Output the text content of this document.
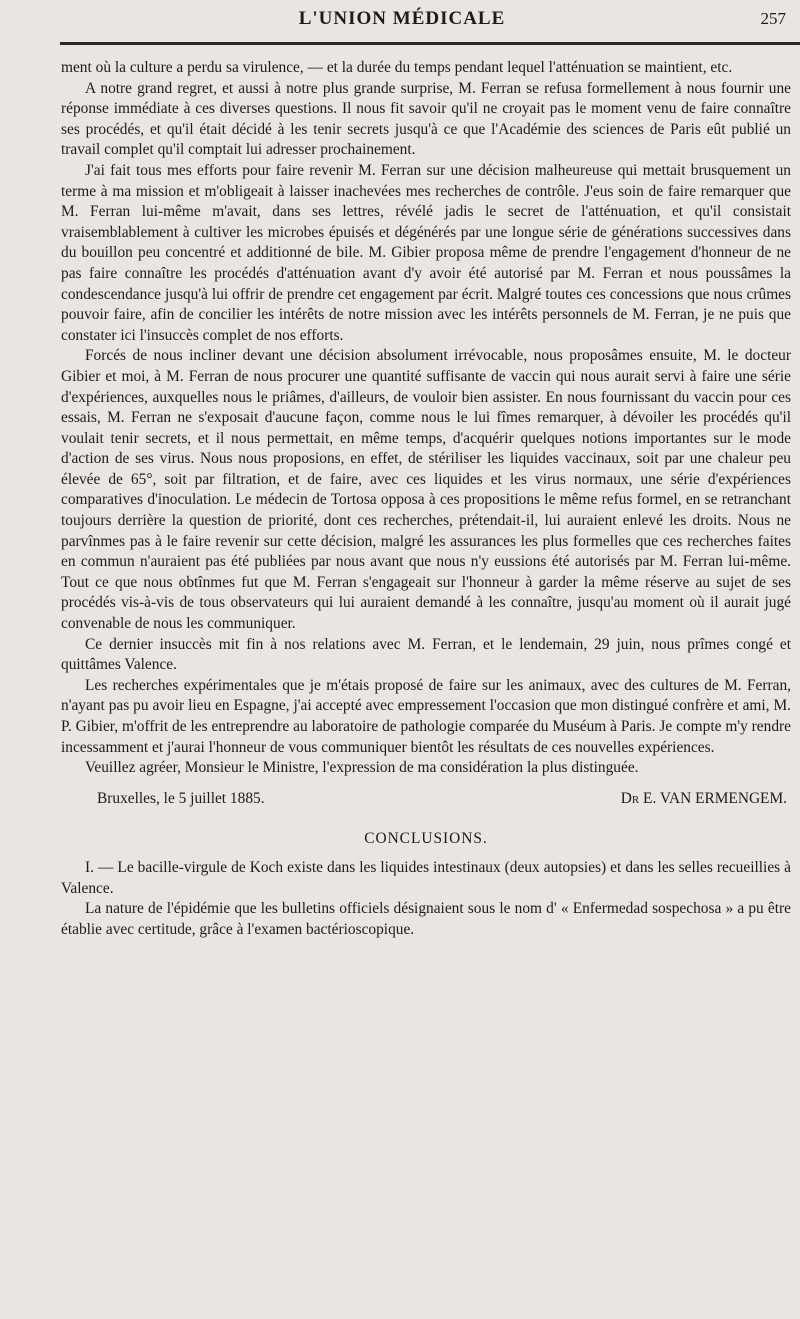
L'UNION MÉDICALE	257

ment où la culture a perdu sa virulence, — et la durée du temps pendant lequel l'atténuation se maintient, etc.

A notre grand regret, et aussi à notre plus grande surprise, M. Ferran se refusa formellement à nous fournir une réponse immédiate à ces diverses questions. Il nous fit savoir qu'il ne croyait pas le moment venu de faire connaître ses procédés, et qu'il était décidé à les tenir secrets jusqu'à ce que l'Académie des sciences de Paris eût publié un travail complet qu'il comptait lui adresser prochainement.

J'ai fait tous mes efforts pour faire revenir M. Ferran sur une décision malheureuse qui mettait brusquement un terme à ma mission et m'obligeait à laisser inachevées mes recherches de contrôle. J'eus soin de faire remarquer que M. Ferran lui-même m'avait, dans ses lettres, révélé jadis le secret de l'atténuation, et qu'il consistait vraisemblablement à cultiver les microbes épuisés et dégénérés par une longue série de générations successives dans du bouillon peu concentré et additionné de bile. M. Gibier proposa même de prendre l'engagement d'honneur de ne pas faire connaître les procédés d'atténuation avant d'y avoir été autorisé par M. Ferran et nous poussâmes la condescendance jusqu'à lui offrir de prendre cet engagement par écrit. Malgré toutes ces concessions que nous crûmes pouvoir faire, afin de concilier les intérêts de notre mission avec les intérêts personnels de M. Ferran, je ne puis que constater ici l'insuccès complet de nos efforts.

Forcés de nous incliner devant une décision absolument irrévocable, nous proposâmes ensuite, M. le docteur Gibier et moi, à M. Ferran de nous procurer une quantité suffisante de vaccin qui nous aurait servi à faire une série d'expériences, auxquelles nous le priâmes, d'ailleurs, de vouloir bien assister. En nous fournissant du vaccin pour ces essais, M. Ferran ne s'exposait d'aucune façon, comme nous le lui fîmes remarquer, à dévoiler les procédés qu'il voulait tenir secrets, et il nous permettait, en même temps, d'acquérir quelques notions importantes sur le mode d'action de ses virus. Nous nous proposions, en effet, de stériliser les liquides vaccinaux, soit par une chaleur peu élevée de 65°, soit par filtration, et de faire, avec ces liquides et les virus normaux, une série d'expériences comparatives d'inoculation. Le médecin de Tortosa opposa à ces propositions le même refus formel, en se retranchant toujours derrière la question de priorité, dont ces recherches, prétendait-il, lui auraient enlevé les droits. Nous ne parvînmes pas à le faire revenir sur cette décision, malgré les assurances les plus formelles que ces recherches faites en commun n'auraient pas été publiées par nous avant que nous n'y eussions été autorisés par M. Ferran lui-même. Tout ce que nous obtînmes fut que M. Ferran s'engageait sur l'honneur à garder la même réserve au sujet de ses procédés vis-à-vis de tous observateurs qui lui auraient demandé à les connaître, jusqu'au moment où il aurait jugé convenable de nous les communiquer.

Ce dernier insuccès mit fin à nos relations avec M. Ferran, et le lendemain, 29 juin, nous prîmes congé et quittâmes Valence.

Les recherches expérimentales que je m'étais proposé de faire sur les animaux, avec des cultures de M. Ferran, n'ayant pas pu avoir lieu en Espagne, j'ai accepté avec empressement l'occasion que mon distingué confrère et ami, M. P. Gibier, m'offrit de les entreprendre au laboratoire de pathologie comparée du Muséum à Paris. Je compte m'y rendre incessamment et j'aurai l'honneur de vous communiquer bientôt les résultats de ces nouvelles expériences.

Veuillez agréer, Monsieur le Ministre, l'expression de ma considération la plus distinguée.

Bruxelles, le 5 juillet 1885.	Dr E. VAN ERMENGEM.
CONCLUSIONS.

I. — Le bacille-virgule de Koch existe dans les liquides intestinaux (deux autopsies) et dans les selles recueillies à Valence.

La nature de l'épidémie que les bulletins officiels désignaient sous le nom d' « Enfermedad sospechosa » a pu être établie avec certitude, grâce à l'examen bactérioscopique.
